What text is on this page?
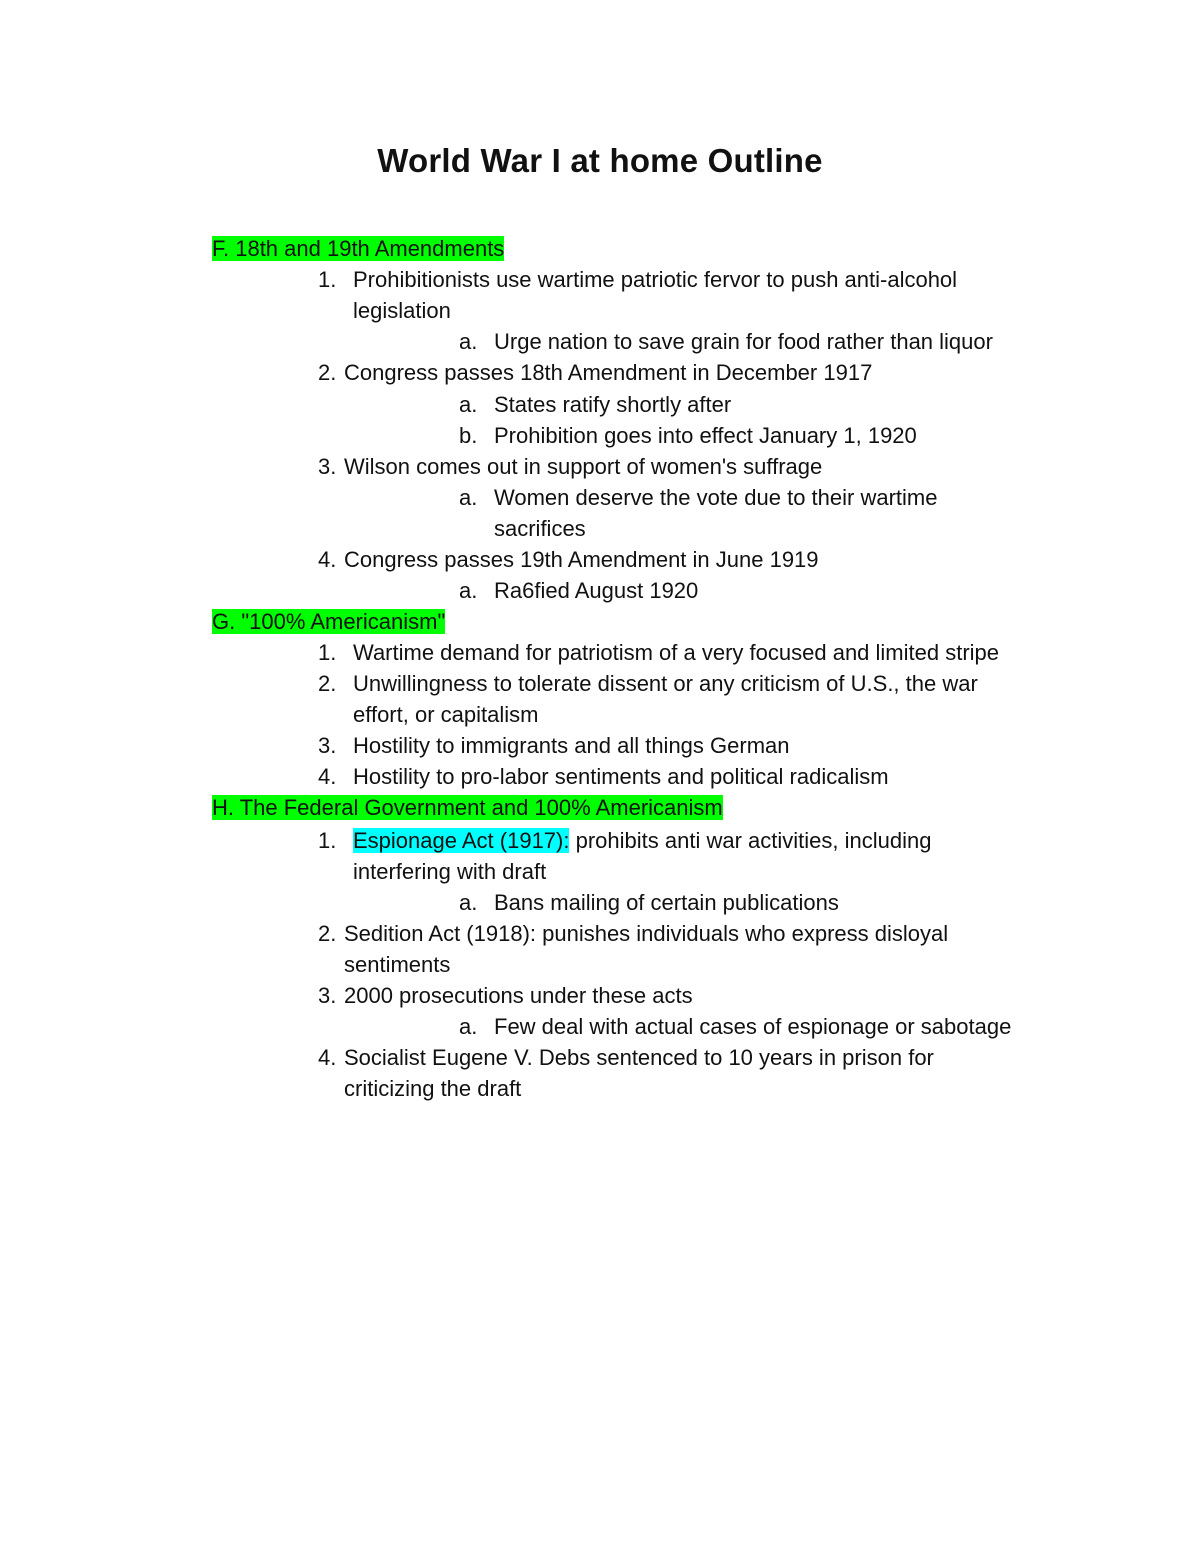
World War I at home Outline
F. 18th and 19th Amendments
1. Prohibitionists use wartime patriotic fervor to push anti-alcohol
legislation
a. Urge nation to save grain for food rather than liquor
2. Congress passes 18th Amendment in December 1917
a. States ratify shortly after
b. Prohibition goes into effect January 1, 1920
3. Wilson comes out in support of women's suffrage
a. Women deserve the vote due to their wartime
sacrifices
4. Congress passes 19th Amendment in June 1919
a. Ra6fied August 1920
G. "100% Americanism"
1. Wartime demand for patriotism of a very focused and limited stripe
2. Unwillingness to tolerate dissent or any criticism of U.S., the war
effort, or capitalism
3. Hostility to immigrants and all things German
4. Hostility to pro-labor sentiments and political radicalism
H. The Federal Government and 100% Americanism
1. Espionage Act (1917): prohibits anti war activities, including
interfering with draft
a. Bans mailing of certain publications
2. Sedition Act (1918): punishes individuals who express disloyal
sentiments
3. 2000 prosecutions under these acts
a. Few deal with actual cases of espionage or sabotage
4. Socialist Eugene V. Debs sentenced to 10 years in prison for
criticizing the draft
